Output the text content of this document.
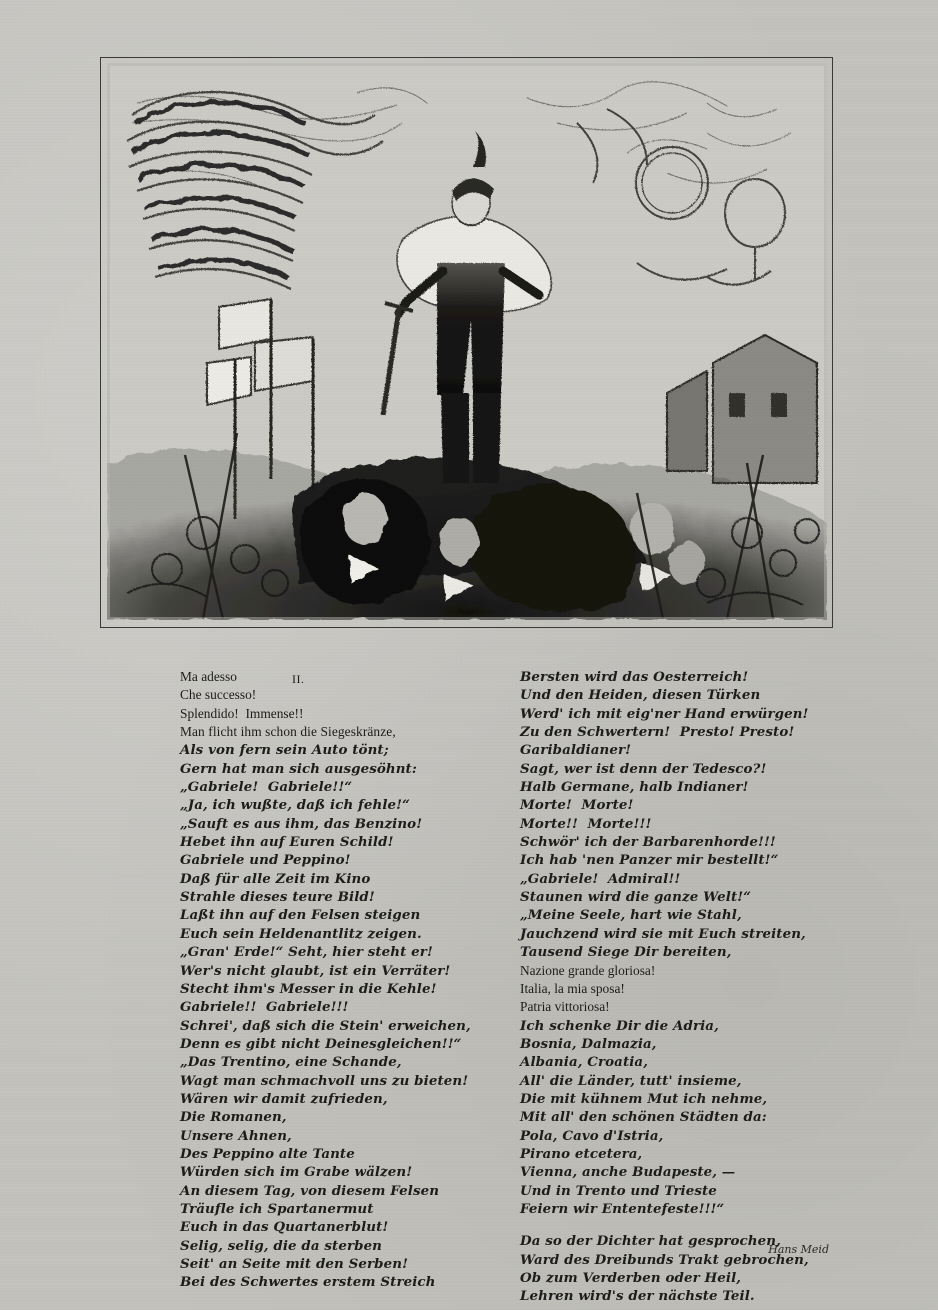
II.
Ma adesso
Che successo!
Splendido!  Immense!!
Man flicht ihm schon die Siegeskränze,
Als von fern sein Auto tönt;
Gern hat man sich ausgesöhnt:
„Gabriele!  Gabriele!!“
„Ja, ich wußte, daß ich fehle!“
„Sauft es aus ihm, das Benzino!
Hebet ihn auf Euren Schild!
Gabriele und Peppino!
Daß für alle Zeit im Kino
Strahle dieses teure Bild!
Laßt ihn auf den Felsen steigen
Euch sein Heldenantlitz zeigen.
„Gran' Erde!“ Seht, hier steht er!
Wer's nicht glaubt, ist ein Verräter!
Stecht ihm's Messer in die Kehle!
Gabriele!!  Gabriele!!!
Schrei', daß sich die Stein' erweichen,
Denn es gibt nicht Deinesgleichen!!“
„Das Trentino, eine Schande,
Wagt man schmachvoll uns zu bieten!
Wären wir damit zufrieden,
Die Romanen,
Unsere Ahnen,
Des Peppino alte Tante
Würden sich im Grabe wälzen!
An diesem Tag, von diesem Felsen
Träufle ich Spartanermut
Euch in das Quartanerblut!
Selig, selig, die da sterben
Seit' an Seite mit den Serben!
Bei des Schwertes erstem Streich
Bersten wird das Oesterreich!
Und den Heiden, diesen Türken
Werd' ich mit eig'ner Hand erwürgen!
Zu den Schwertern!  Presto! Presto!
Garibaldianer!
Sagt, wer ist denn der Tedesco?!
Halb Germane, halb Indianer!
Morte!  Morte!
Morte!!  Morte!!!
Schwör' ich der Barbarenhorde!!!
Ich hab 'nen Panzer mir bestellt!“
„Gabriele!  Admiral!!
Staunen wird die ganze Welt!“
„Meine Seele, hart wie Stahl,
Jauchzend wird sie mit Euch streiten,
Tausend Siege Dir bereiten,
Nazione grande gloriosa!
Italia, la mia sposa!
Patria vittoriosa!
Ich schenke Dir die Adria,
Bosnia, Dalmazia,
Albania, Croatia,
All' die Länder, tutt' insieme,
Die mit kühnem Mut ich nehme,
Mit all' den schönen Städten da:
Pola, Cavo d'Istria,
Pirano etcetera,
Vienna, anche Budapeste, —
Und in Trento und Trieste
Feiern wir Ententefeste!!!“
Da so der Dichter hat gesprochen,
Ward des Dreibunds Trakt gebrochen,
Ob zum Verderben oder Heil,
Lehren wird's der nächste Teil.
Hans Meid
